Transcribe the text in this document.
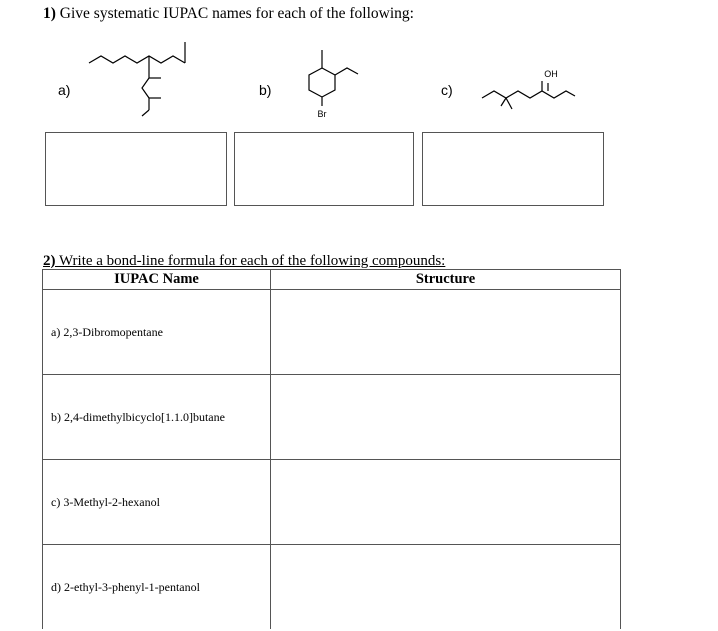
1) Give systematic IUPAC names for each of the following:
a)	b)
Br
c)
OH
2) Write a bond-line formula for each of the following compounds:
IUPAC Name	Structure
a) 2,3-Dibromopentane	
b) 2,4-dimethylbicyclo[1.1.0]butane	
c) 3-Methyl-2-hexanol	
d) 2-ethyl-3-phenyl-1-pentanol	
